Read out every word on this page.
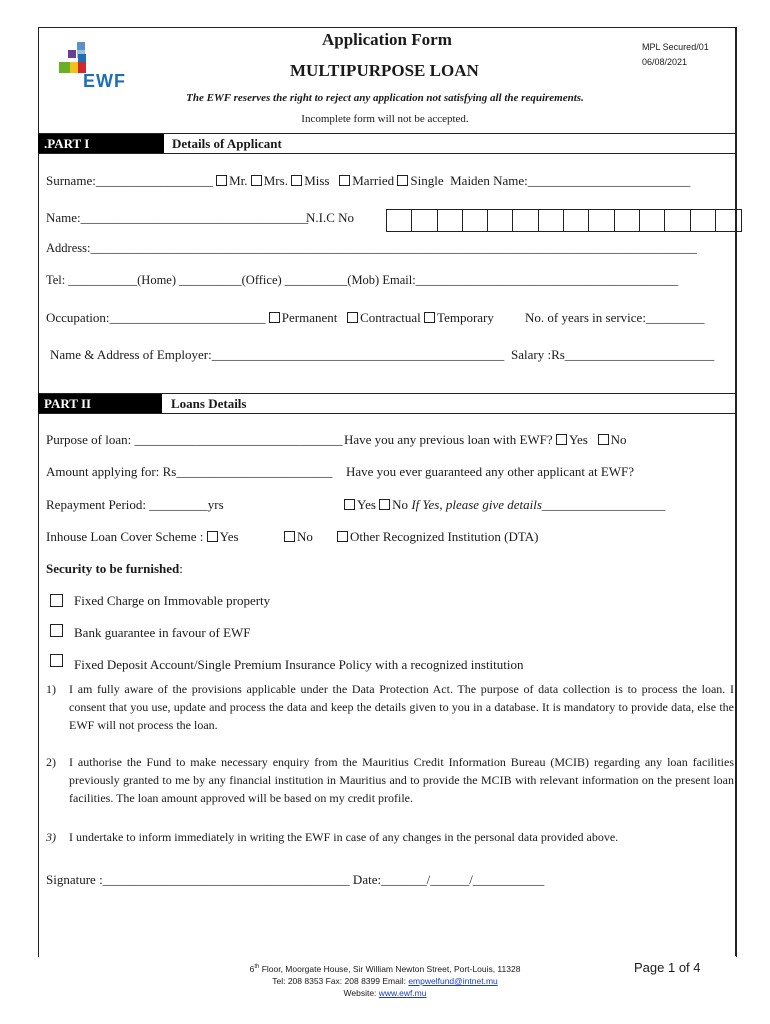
EWF
Application Form
MULTIPURPOSE LOAN
MPL Secured/01
06/08/2021
The EWF reserves the right to reject any application not satisfying all the requirements.
Incomplete form will not be accepted.
.PART I	Details of Applicant
Surname:__________________ Mr. Mrs. Miss Married Single Maiden Name:_________________________
Name:___________________________________
N.I.C No
Address:_________________________________________________________________________________________________
Tel: ___________(Home) __________(Office) __________(Mob) Email:__________________________________________
Occupation:________________________ Permanent Contractual Temporary No. of years in service:_________
Name & Address of Employer:_____________________________________________ Salary :Rs_______________________
PART II	Loans Details
Purpose of loan: ________________________________ Have you any previous loan with EWF? Yes No
Amount applying for: Rs________________________ Have you ever guaranteed any other applicant at EWF?
Repayment Period: _________yrs	Yes No If Yes, please give details___________________
Inhouse Loan Cover Scheme : Yes	No	Other Recognized Institution (DTA)
Security to be furnished:
Fixed Charge on Immovable property
Bank guarantee in favour of EWF
Fixed Deposit Account/Single Premium Insurance Policy with a recognized institution
1) I am fully aware of the provisions applicable under the Data Protection Act. The purpose of data collection is to process the loan. I consent that you use, update and process the data and keep the details given to you in a database. It is mandatory to provide data, else the EWF will not process the loan.
2) I authorise the Fund to make necessary enquiry from the Mauritius Credit Information Bureau (MCIB) regarding any loan facilities previously granted to me by any financial institution in Mauritius and to provide the MCIB with relevant information on the present loan facilities. The loan amount approved will be based on my credit profile.
3) I undertake to inform immediately in writing the EWF in case of any changes in the personal data provided above.
Signature :______________________________________ Date:_______/______/___________
6th Floor, Moorgate House, Sir William Newton Street, Port-Louis, 11328
Tel: 208 8353 Fax: 208 8399 Email: empwelfund@intnet.mu
Website: www.ewf.mu
Page 1 of 4
